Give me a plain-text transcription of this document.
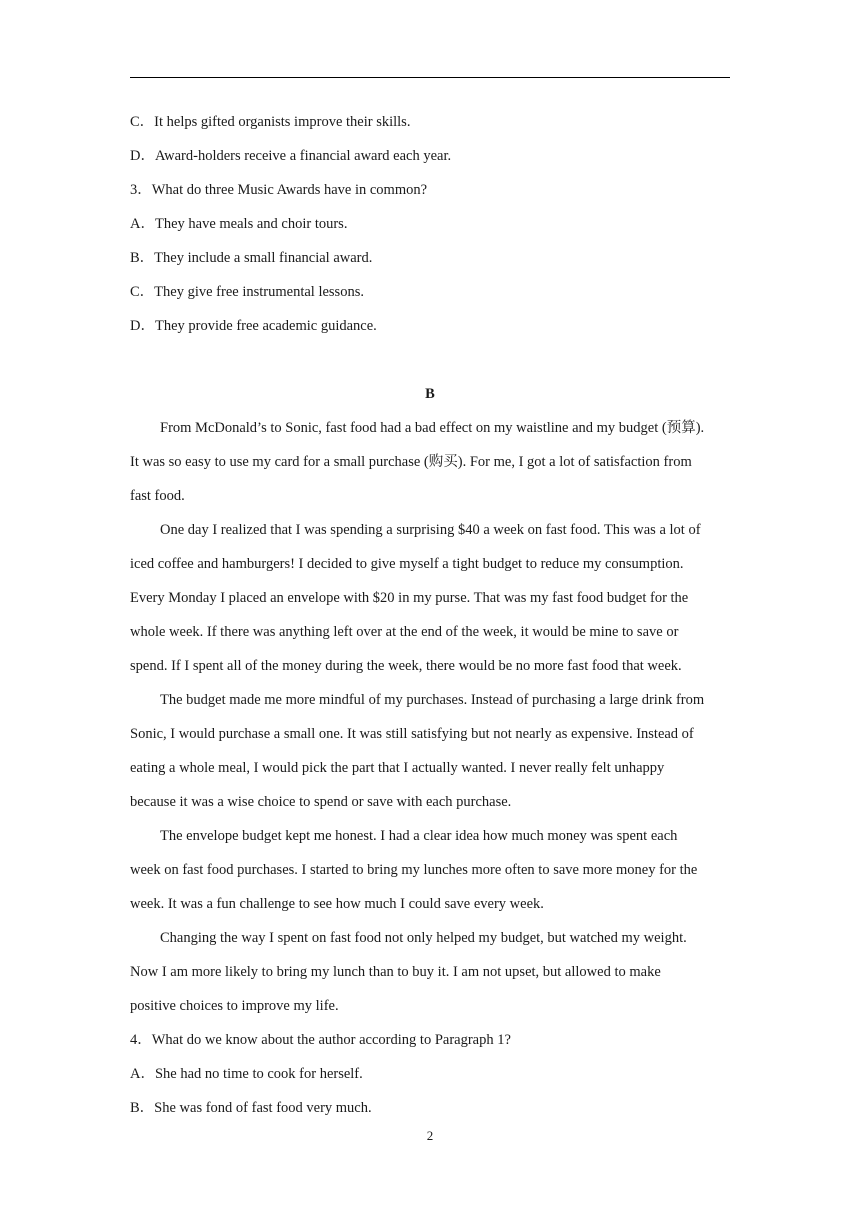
C．It helps gifted organists improve their skills.
D．Award-holders receive a financial award each year.
3．What do three Music Awards have in common?
A．They have meals and choir tours.
B．They include a small financial award.
C．They give free instrumental lessons.
D．They provide free academic guidance.
B
From McDonald’s to Sonic, fast food had a bad effect on my waistline and my budget (预算).
It was so easy to use my card for a small purchase (购买). For me, I got a lot of satisfaction from
fast food.
One day I realized that I was spending a surprising $40 a week on fast food. This was a lot of
iced coffee and hamburgers! I decided to give myself a tight budget to reduce my consumption.
Every Monday I placed an envelope with $20 in my purse. That was my fast food budget for the
whole week. If there was anything left over at the end of the week, it would be mine to save or
spend. If I spent all of the money during the week, there would be no more fast food that week.
The budget made me more mindful of my purchases. Instead of purchasing a large drink from
Sonic, I would purchase a small one. It was still satisfying but not nearly as expensive. Instead of
eating a whole meal, I would pick the part that I actually wanted. I never really felt unhappy
because it was a wise choice to spend or save with each purchase.
The envelope budget kept me honest. I had a clear idea how much money was spent each
week on fast food purchases. I started to bring my lunches more often to save more money for the
week. It was a fun challenge to see how much I could save every week.
Changing the way I spent on fast food not only helped my budget, but watched my weight.
Now I am more likely to bring my lunch than to buy it. I am not upset, but allowed to make
positive choices to improve my life.
4．What do we know about the author according to Paragraph 1?
A．She had no time to cook for herself.
B．She was fond of fast food very much.
2
